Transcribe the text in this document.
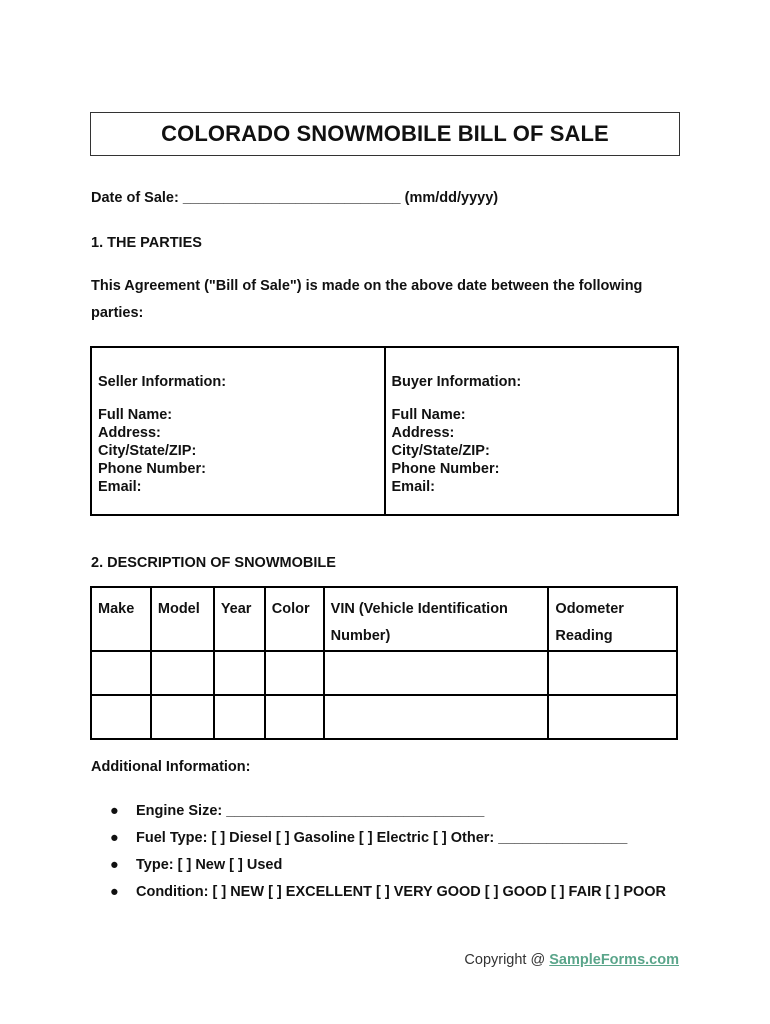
COLORADO SNOWMOBILE BILL OF SALE
Date of Sale: ___________________________ (mm/dd/yyyy)
1. THE PARTIES
This Agreement ("Bill of Sale") is made on the above date between the following parties:
Seller Information:
Full Name:
Address:
City/State/ZIP:
Phone Number:
Email:
Buyer Information:
Full Name:
Address:
City/State/ZIP:
Phone Number:
Email:
2. DESCRIPTION OF SNOWMOBILE
Make	Model	Year	Color	VIN (Vehicle Identification Number)	Odometer Reading

Additional Information:
● Engine Size: ________________________________
● Fuel Type: [ ] Diesel [ ] Gasoline [ ] Electric [ ] Other: ________________
● Type: [ ] New [ ] Used
● Condition: [ ] NEW [ ] EXCELLENT [ ] VERY GOOD [ ] GOOD [ ] FAIR [ ] POOR
Copyright @ SampleForms.com
